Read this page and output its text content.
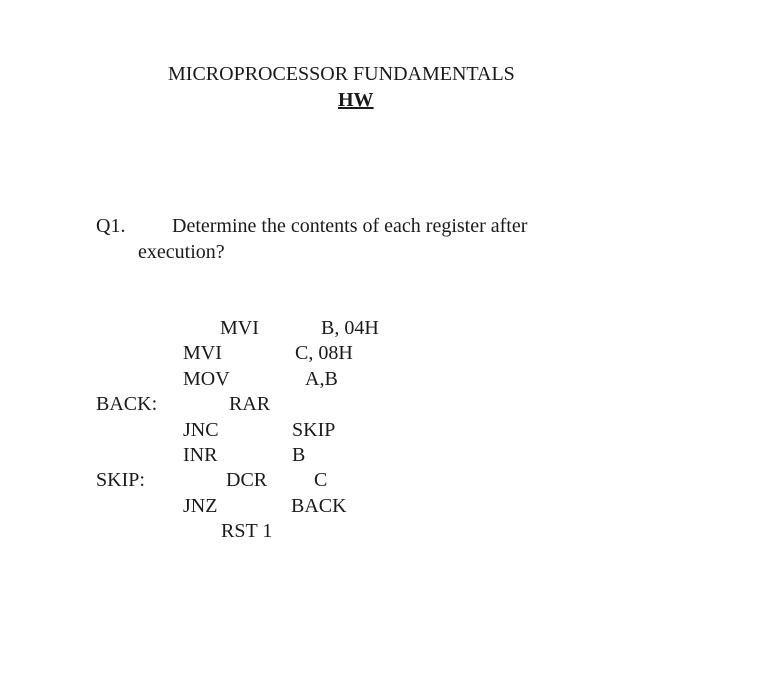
MICROPROCESSOR FUNDAMENTALS
HW
Q1. Determine the contents of each register after
execution?
MVI	B, 04H
MVI	C, 08H
MOV	A,B
BACK:	RAR
JNC	SKIP
INR	B
SKIP:	DCR C
JNZ	BACK
RST 1
